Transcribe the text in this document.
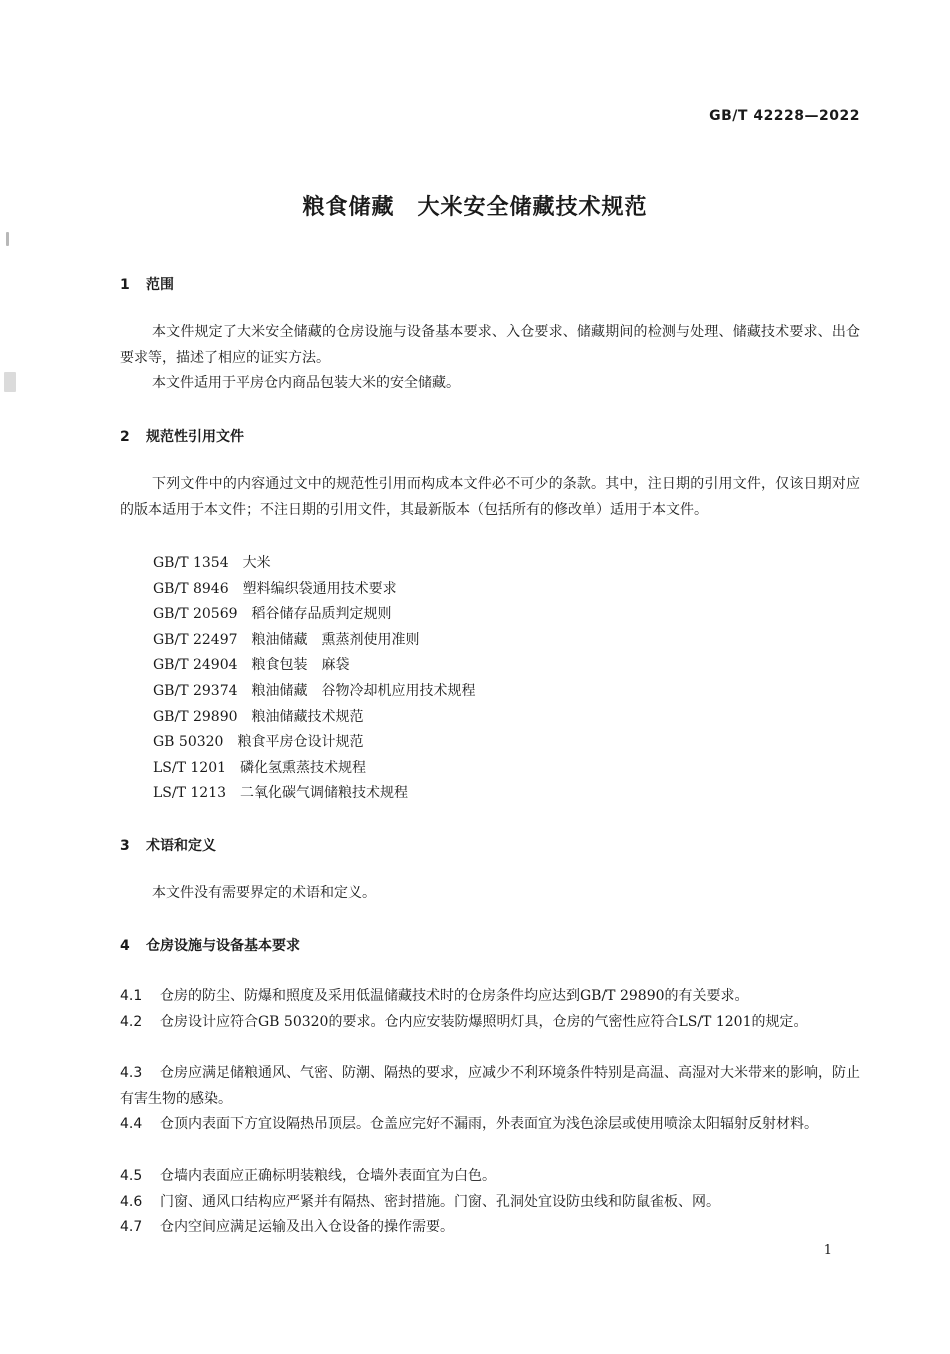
GB/T 42228—2022
粮食储藏　大米安全储藏技术规范
1 范围
本文件规定了大米安全储藏的仓房设施与设备基本要求、入仓要求、储藏期间的检测与处理、储藏技术要求、出仓要求等，描述了相应的证实方法。
本文件适用于平房仓内商品包装大米的安全储藏。
2 规范性引用文件
下列文件中的内容通过文中的规范性引用而构成本文件必不可少的条款。其中，注日期的引用文件，仅该日期对应的版本适用于本文件；不注日期的引用文件，其最新版本（包括所有的修改单）适用于本文件。
GB/T 1354　 大米
GB/T 8946　 塑料编织袋通用技术要求
GB/T 20569　 稻谷储存品质判定规则
GB/T 22497　 粮油储藏　熏蒸剂使用准则
GB/T 24904　 粮食包装　麻袋
GB/T 29374　 粮油储藏　谷物冷却机应用技术规程
GB/T 29890　 粮油储藏技术规范
GB 50320　 粮食平房仓设计规范
LS/T 1201　 磷化氢熏蒸技术规程
LS/T 1213　 二氧化碳气调储粮技术规程
3 术语和定义
本文件没有需要界定的术语和定义。
4 仓房设施与设备基本要求
4.1 仓房的防尘、防爆和照度及采用低温储藏技术时的仓房条件均应达到GB/T 29890的有关要求。
4.2 仓房设计应符合GB 50320的要求。仓内应安装防爆照明灯具，仓房的气密性应符合LS/T 1201的规定。
4.3 仓房应满足储粮通风、气密、防潮、隔热的要求，应减少不利环境条件特别是高温、高湿对大米带来的影响，防止有害生物的感染。
4.4 仓顶内表面下方宜设隔热吊顶层。仓盖应完好不漏雨，外表面宜为浅色涂层或使用喷涂太阳辐射反射材料。
4.5 仓墙内表面应正确标明装粮线，仓墙外表面宜为白色。
4.6 门窗、通风口结构应严紧并有隔热、密封措施。门窗、孔洞处宜设防虫线和防鼠雀板、网。
4.7 仓内空间应满足运输及出入仓设备的操作需要。
1
